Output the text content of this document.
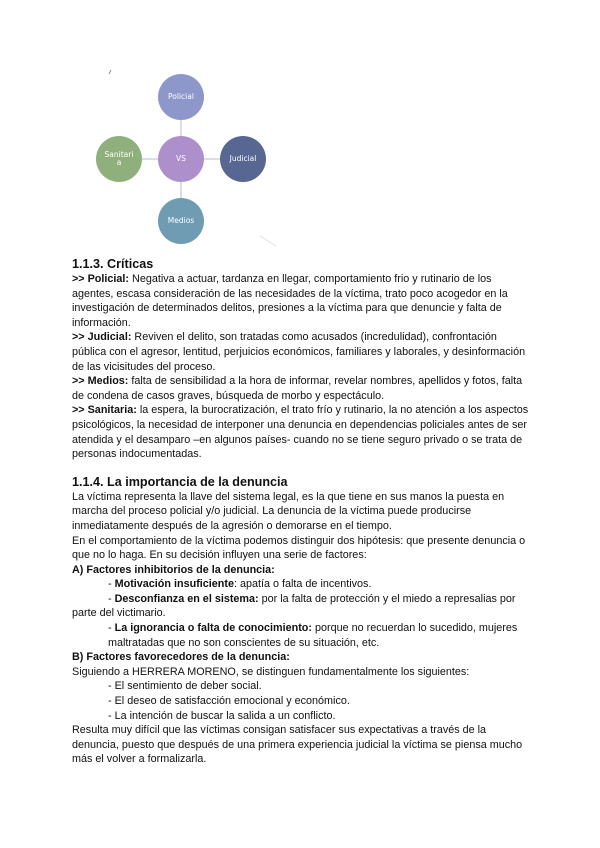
Policial
Sanitari a	VS	Judicial
Medios
1.1.3. Críticas

>> Policial: Negativa a actuar, tardanza en llegar, comportamiento frio y rutinario de los agentes, escasa consideración de las necesidades de la víctima, trato poco acogedor en la investigación de determinados delitos, presiones a la víctima para que denuncie y falta de información.

>> Judicial: Reviven el delito, son tratadas como acusados (incredulidad), confrontación pública con el agresor, lentitud, perjuicios económicos, familiares y laborales, y desinformación de las vicisitudes del proceso.

>> Medios: falta de sensibilidad a la hora de informar, revelar nombres, apellidos y fotos, falta de condena de casos graves, búsqueda de morbo y espectáculo.

>> Sanitaria: la espera, la burocratización, el trato frío y rutinario, la no atención a los aspectos psicológicos, la necesidad de interponer una denuncia en dependencias policiales antes de ser atendida y el desamparo –en algunos países- cuando no se tiene seguro privado o se trata de personas indocumentadas.

1.1.4. La importancia de la denuncia

La víctima representa la llave del sistema legal, es la que tiene en sus manos la puesta en marcha del proceso policial y/o judicial. La denuncia de la víctima puede producirse inmediatamente después de la agresión o demorarse en el tiempo.

En el comportamiento de la víctima podemos distinguir dos hipótesis: que presente denuncia o que no lo haga. En su decisión influyen una serie de factores:

A) Factores inhibitorios de la denuncia:

- Motivación insuficiente: apatía o falta de incentivos.

- Desconfianza en el sistema: por la falta de protección y el miedo a represalias por parte del victimario.

- La ignorancia o falta de conocimiento: porque no recuerdan lo sucedido, mujeres maltratadas que no son conscientes de su situación, etc.

B) Factores favorecedores de la denuncia:

Siguiendo a HERRERA MORENO, se distinguen fundamentalmente los siguientes:

- El sentimiento de deber social.

- El deseo de satisfacción emocional y económico.

- La intención de buscar la salida a un conflicto.

Resulta muy difícil que las víctimas consigan satisfacer sus expectativas a través de la denuncia, puesto que después de una primera experiencia judicial la víctima se piensa mucho más el volver a formalizarla.
